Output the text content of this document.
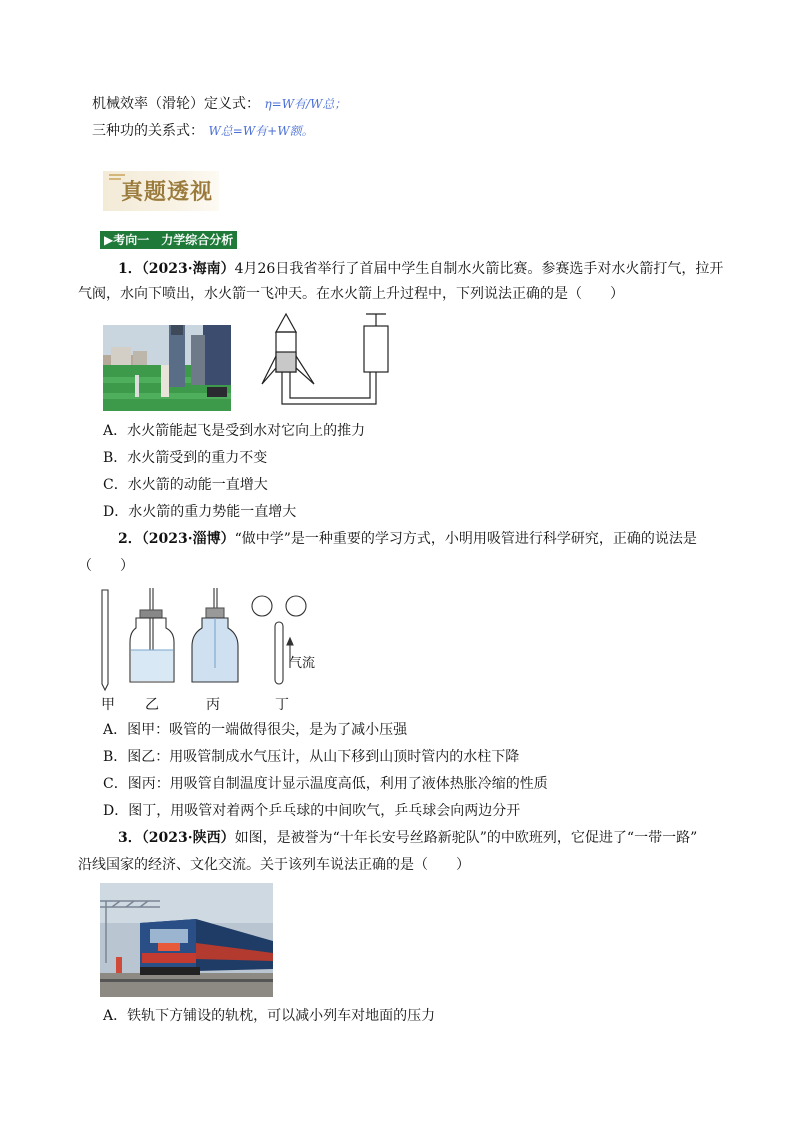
机械效率（滑轮）定义式： η=W有/W总；
三种功的关系式： W总=W有+W额。
真题透视
▶考向一　力学综合分析
1．（2023·海南）4月26日我省举行了首届中学生自制水火箭比赛。参赛选手对水火箭打气，拉开
气阀，水向下喷出，水火箭一飞冲天。在水火箭上升过程中，下列说法正确的是（　　）
A．水火箭能起飞是受到水对它向上的推力
B．水火箭受到的重力不变
C．水火箭的动能一直增大
D．水火箭的重力势能一直增大
2．（2023·淄博）“做中学”是一种重要的学习方式，小明用吸管进行科学研究，正确的说法是
（　　）
气流
甲 乙	丙	丁
A．图甲：吸管的一端做得很尖，是为了减小压强
B．图乙：用吸管制成水气压计，从山下移到山顶时管内的水柱下降
C．图丙：用吸管自制温度计显示温度高低，利用了液体热胀冷缩的性质
D．图丁，用吸管对着两个乒乓球的中间吹气，乒乓球会向两边分开
3．（2023·陕西）如图，是被誉为“十年长安号丝路新驼队”的中欧班列，它促进了“一带一路”
沿线国家的经济、文化交流。关于该列车说法正确的是（　　）
A．铁轨下方铺设的轨枕，可以减小列车对地面的压力
